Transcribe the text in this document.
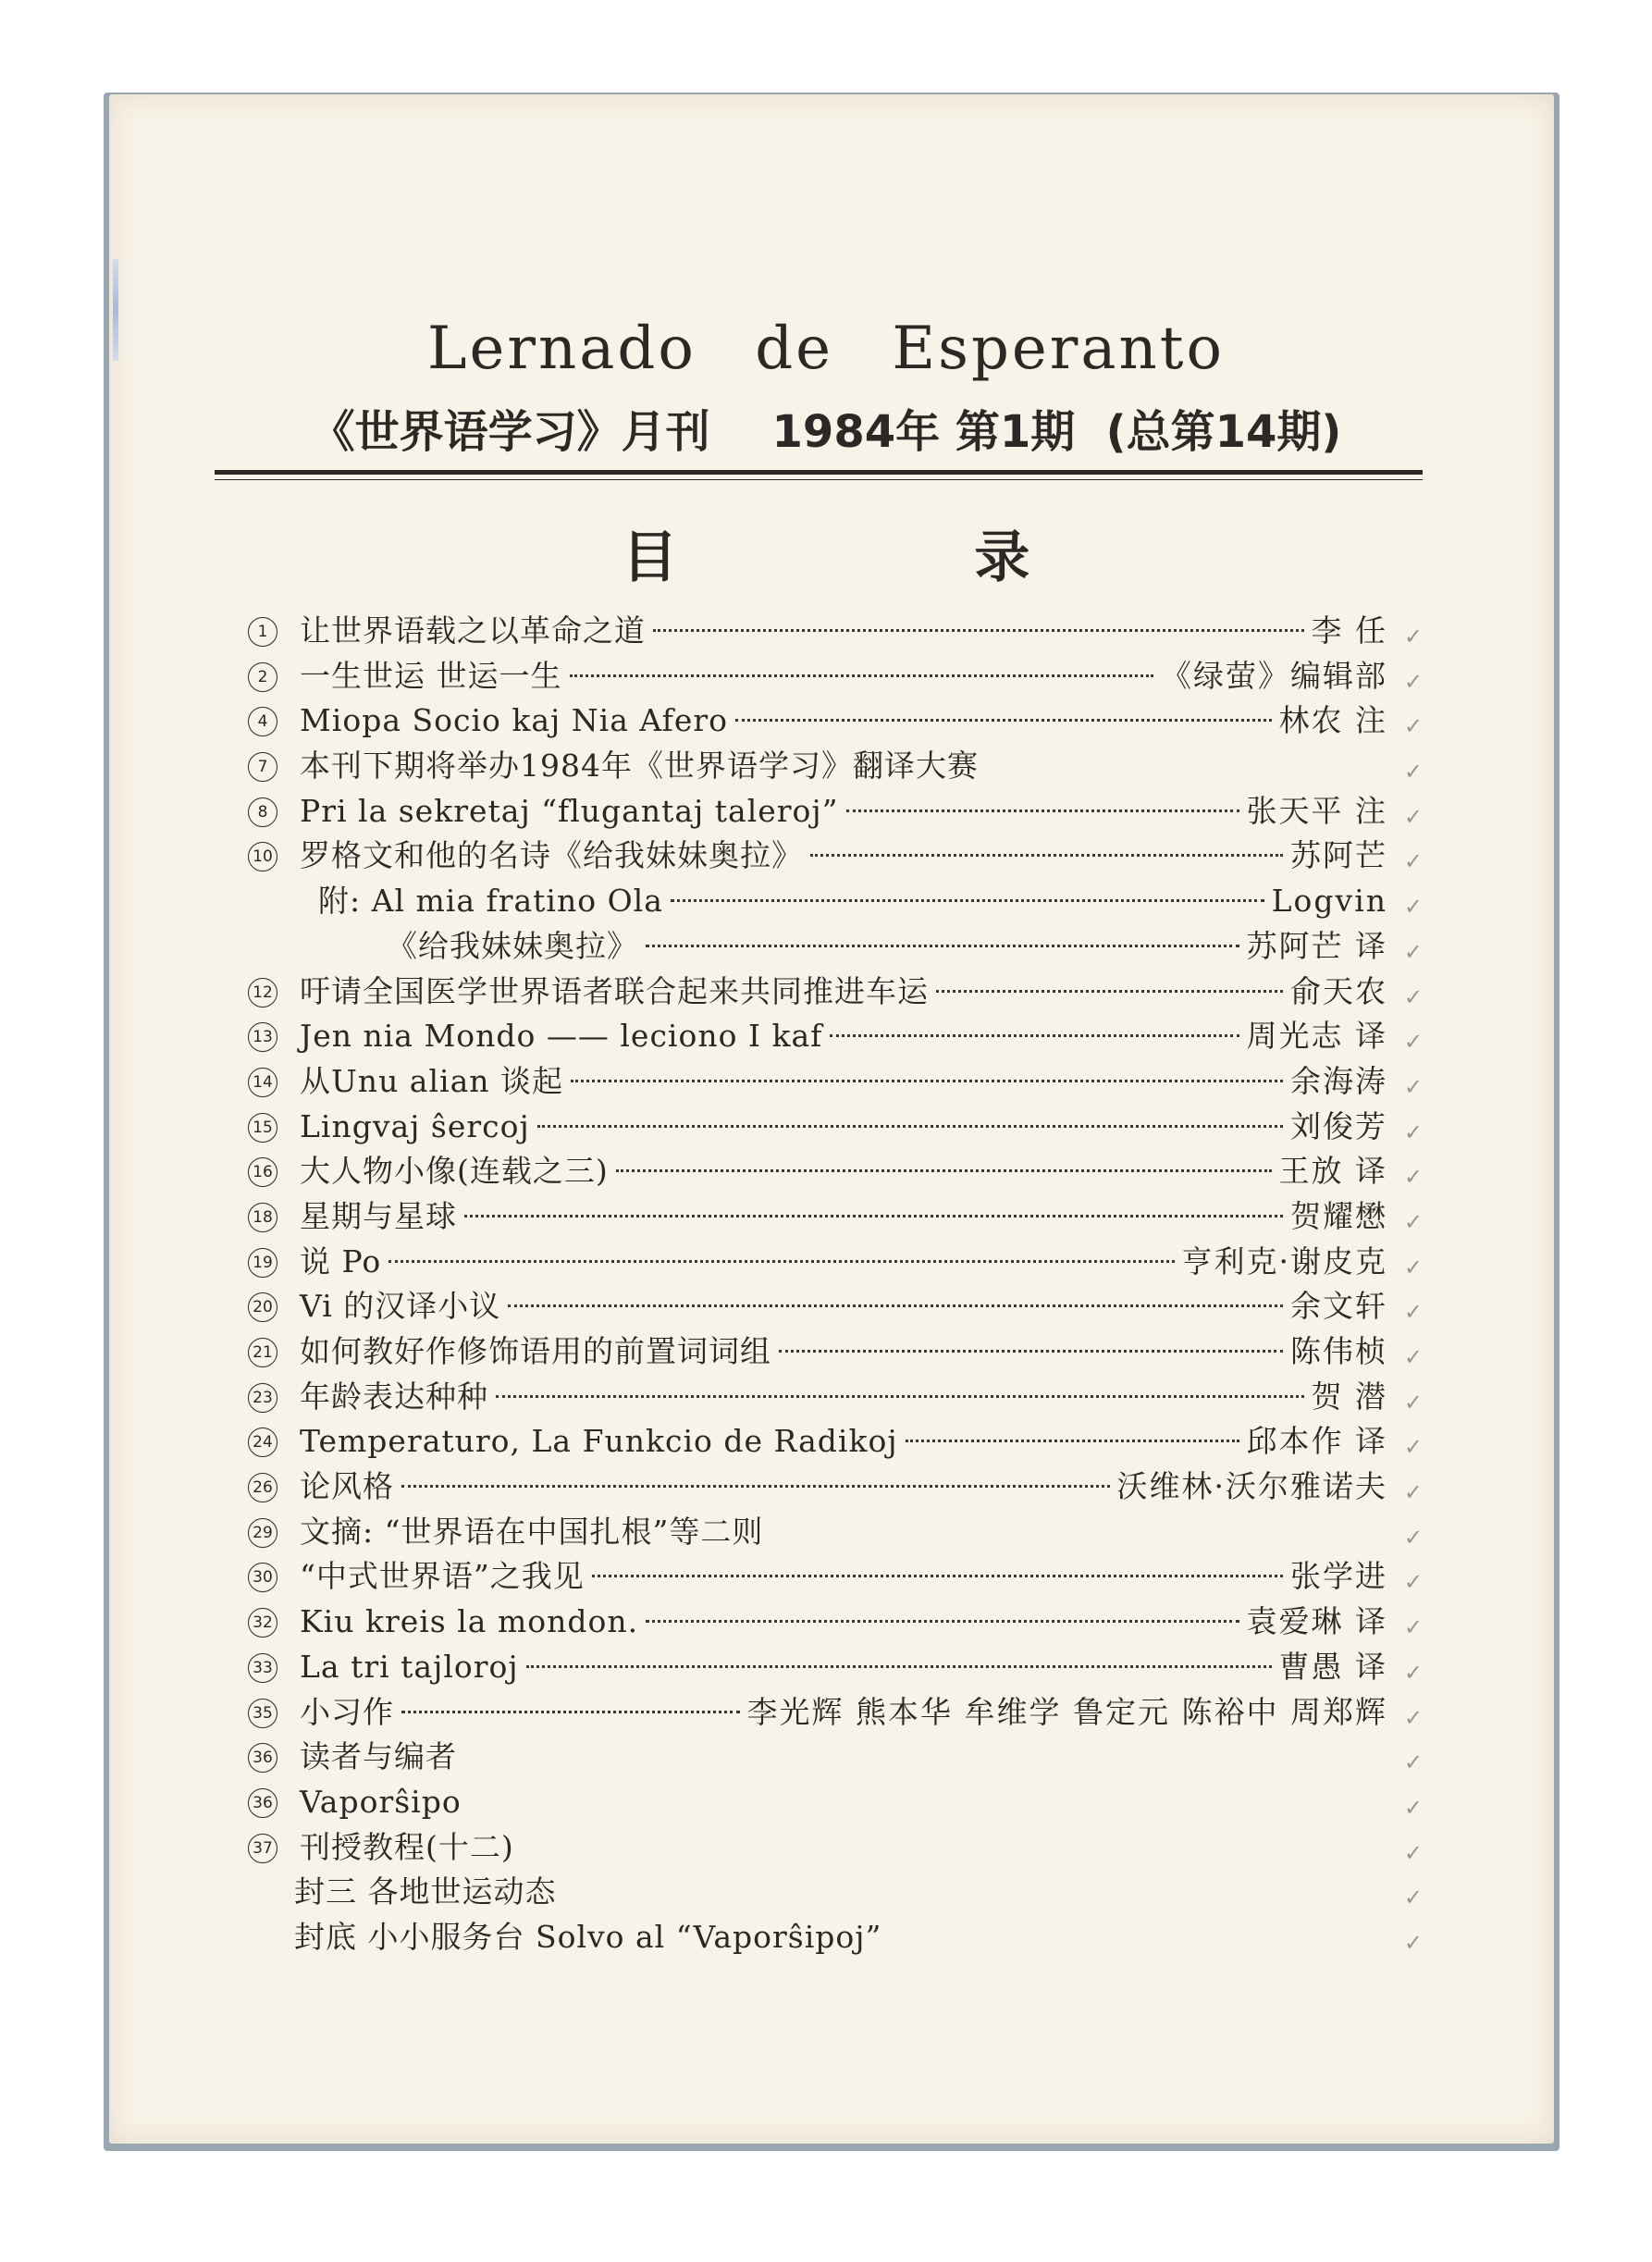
Lernado de Esperanto
《世界语学习》月刊    1984年 第1期  (总第14期)
目 录
1	让世界语载之以革命之道	李 任 ✓
2	一生世运 世运一生	《绿萤》编辑部 ✓
4	Miopa Socio kaj Nia Afero	林农 注 ✓
7	本刊下期将举办1984年《世界语学习》翻译大赛	✓
8	Pri la sekretaj “flugantaj taleroj”	张天平 注 ✓
10 罗格文和他的名诗《给我妹妹奥拉》	苏阿芒 ✓
附: Al mia fratino Ola	Logvin ✓
《给我妹妹奥拉》	苏阿芒 译 ✓
12 吁请全国医学世界语者联合起来共同推进车运	俞天农 ✓
13 Jen nia Mondo —— leciono I kaf	周光志 译 ✓
14 从Unu alian 谈起	余海涛 ✓
15 Lingvaj ŝercoj	刘俊芳 ✓
16 大人物小像(连载之三)	王放 译 ✓
18 星期与星球	贺耀懋 ✓
19 说 Po	亨利克·谢皮克 ✓
20 Vi 的汉译小议	余文轩 ✓
21 如何教好作修饰语用的前置词词组	陈伟桢 ✓
23 年龄表达种种	贺 潜 ✓
24 Temperaturo, La Funkcio de Radikoj	邱本作 译 ✓
26 论风格	沃维林·沃尔雅诺夫 ✓
29 文摘: “世界语在中国扎根”等二则	✓
30 “中式世界语”之我见	张学进 ✓
32 Kiu kreis la mondon.	袁爱琳 译 ✓
33 La tri tajloroj	曹愚 译 ✓
35 小习作	李光辉 熊本华 牟维学 鲁定元 陈裕中 周郑辉 ✓
36 读者与编者	✓
36 Vaporŝipo	✓
37 刊授教程(十二)	✓
封三 各地世运动态	✓
封底 小小服务台 Solvo al “Vaporŝipoj”	✓
